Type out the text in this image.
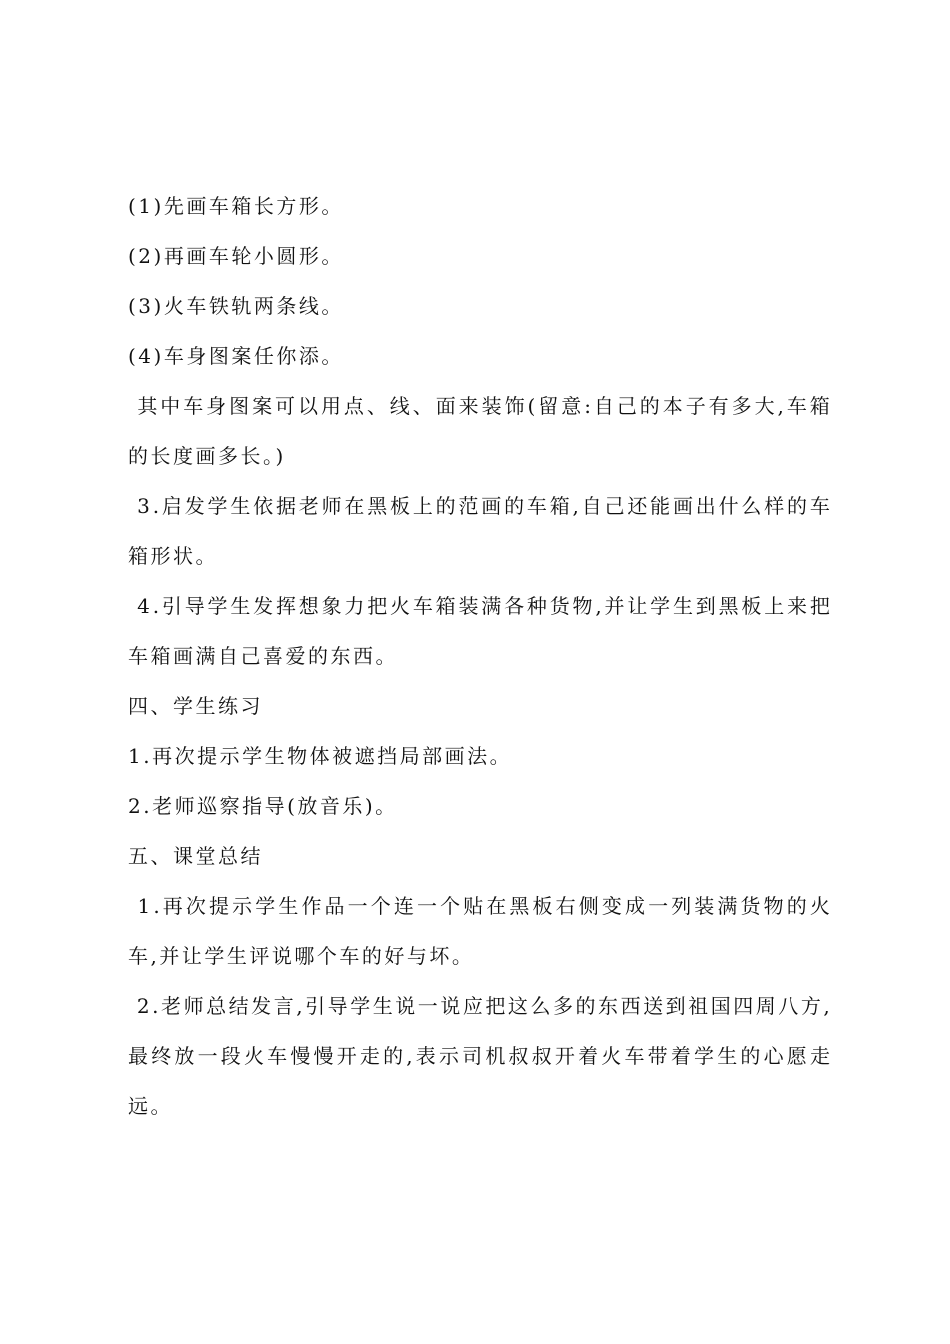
(1)先画车箱长方形。
(2)再画车轮小圆形。
(3)火车铁轨两条线。
(4)车身图案任你添。

其 中 车 身 图 案 可 以 用 点 、 线 、 面 来 装 饰 ( 留 意 : 自 己 的 本 子 有 多 大 , 车 箱
的长度画多长。)

3 . 启 发 学 生 依 据 老 师 在 黑 板 上 的 范 画 的 车 箱 , 自 己 还 能 画 出 什 么 样 的 车
箱形状。

4 . 引 导 学 生 发 挥 想 象 力 把 火 车 箱 装 满 各 种 货 物 , 并 让 学 生 到 黑 板 上 来 把
车箱画满自己喜爱的东西。
四、学生练习
1.再次提示学生物体被遮挡局部画法。
2.老师巡察指导(放音乐)。
五、课堂总结

1 . 再 次 提 示 学 生 作 品 一 个 连 一 个 贴 在 黑 板 右 侧 变 成 一 列 装 满 货 物 的 火
车,并让学生评说哪个车的好与坏。

2 . 老 师 总 结 发 言 , 引 导 学 生 说 一 说 应 把 这 么 多 的 东 西 送 到 祖 国 四 周 八 方 ,
最 终 放 一 段 火 车 慢 慢 开 走 的 , 表 示 司 机 叔 叔 开 着 火 车 带 着 学 生 的 心 愿 走
远。
